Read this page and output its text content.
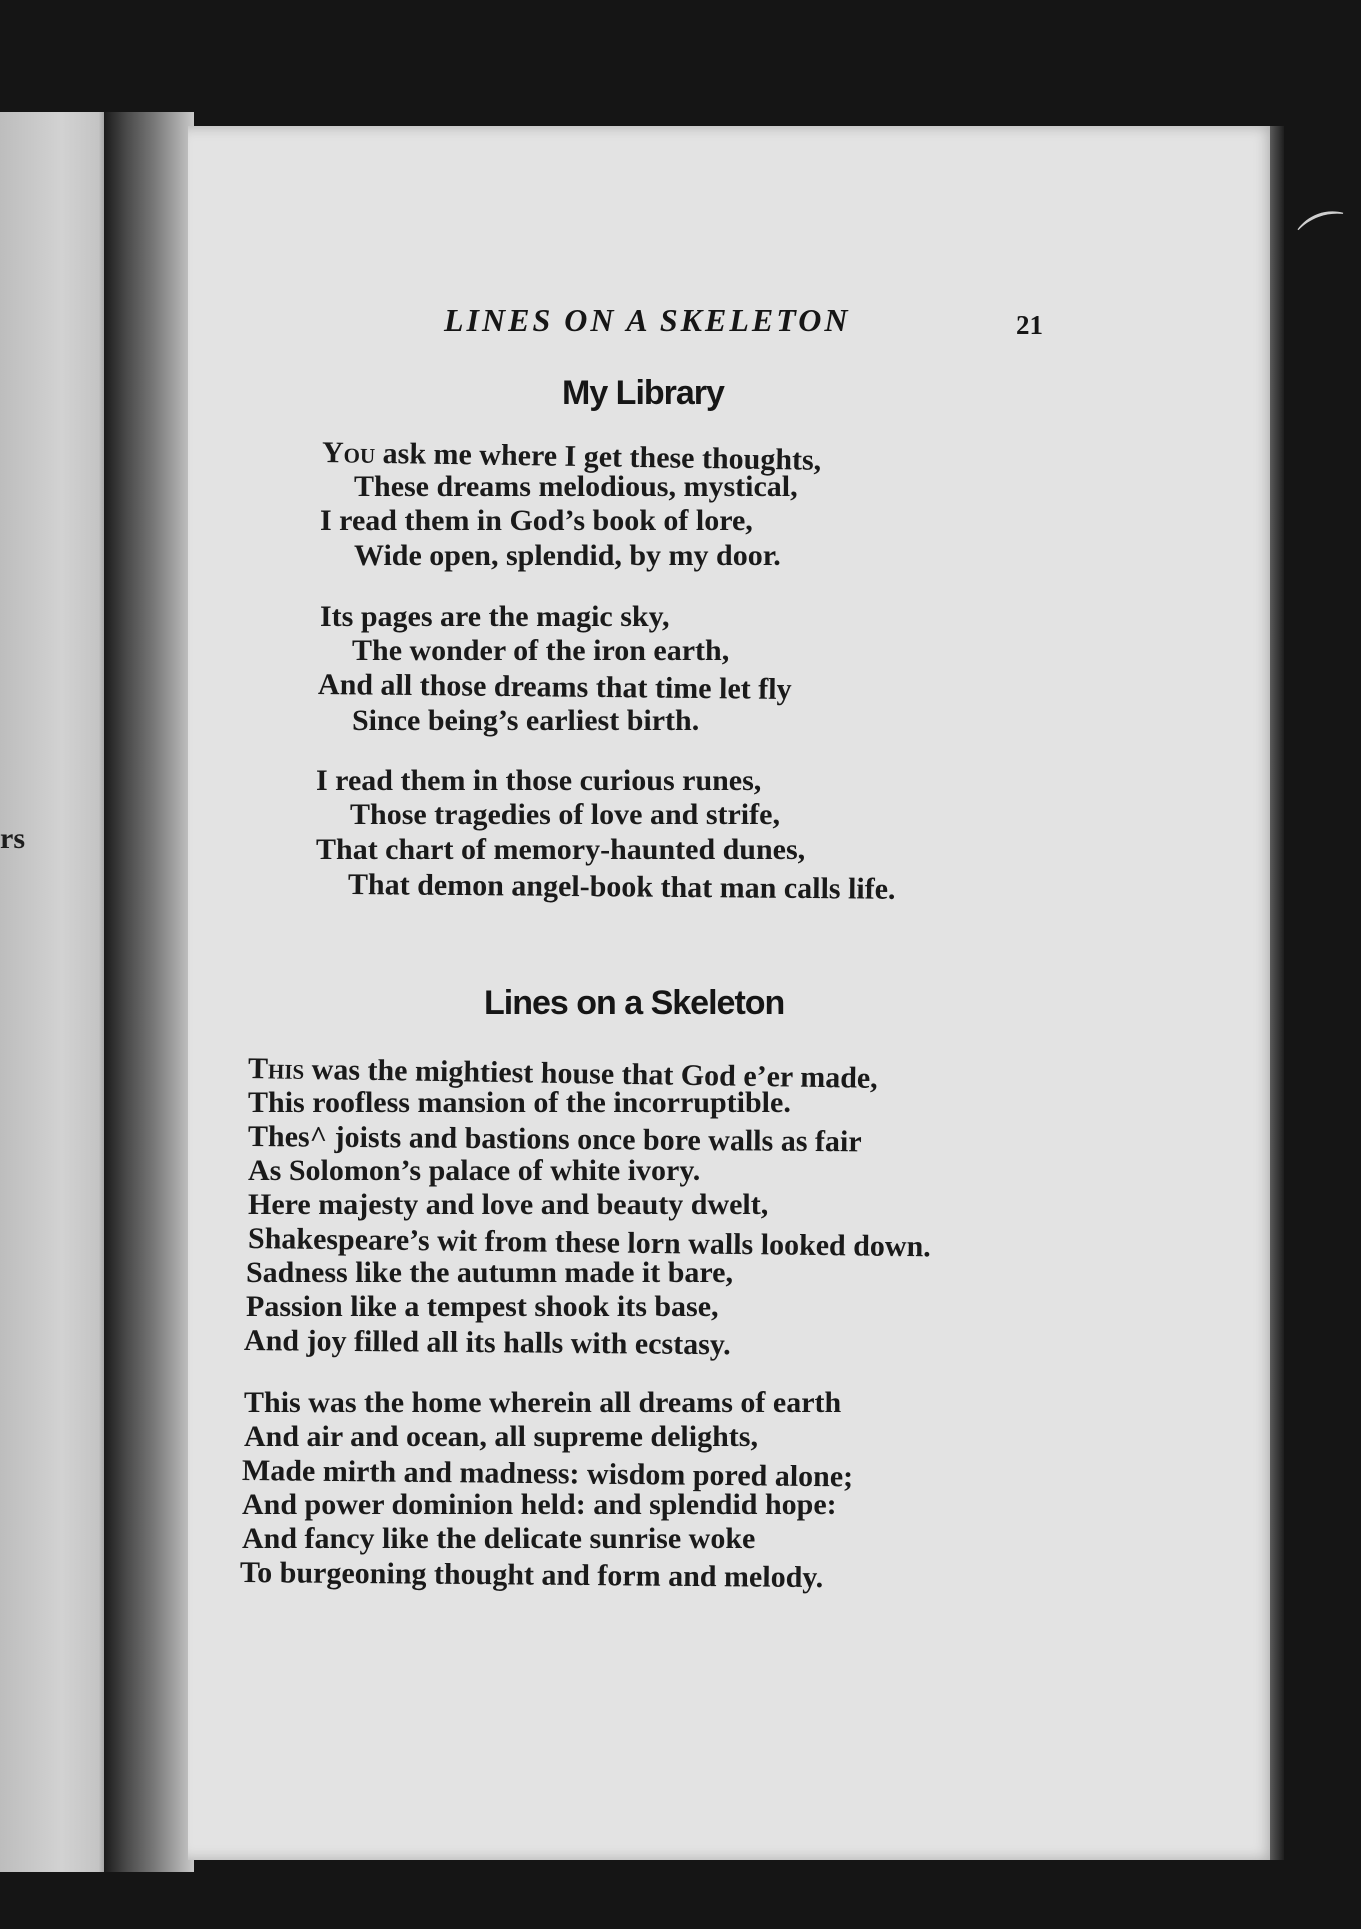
rs
⌒
LINES ON A SKELETON	21
My Library
You ask me where I get these thoughts,
These dreams melodious, mystical,
I read them in God’s book of lore,
Wide open, splendid, by my door.
Its pages are the magic sky,
The wonder of the iron earth,
And all those dreams that time let fly
Since being’s earliest birth.
I read them in those curious runes,
Those tragedies of love and strife,
That chart of memory-haunted dunes,
That demon angel-book that man calls life.
Lines on a Skeleton
This was the mightiest house that God e’er made,
This roofless mansion of the incorruptible.
Thes^ joists and bastions once bore walls as fair
As Solomon’s palace of white ivory.
Here majesty and love and beauty dwelt,
Shakespeare’s wit from these lorn walls looked down.
Sadness like the autumn made it bare,
Passion like a tempest shook its base,
And joy filled all its halls with ecstasy.
This was the home wherein all dreams of earth
And air and ocean, all supreme delights,
Made mirth and madness: wisdom pored alone;
And power dominion held: and splendid hope:
And fancy like the delicate sunrise woke
To burgeoning thought and form and melody.
